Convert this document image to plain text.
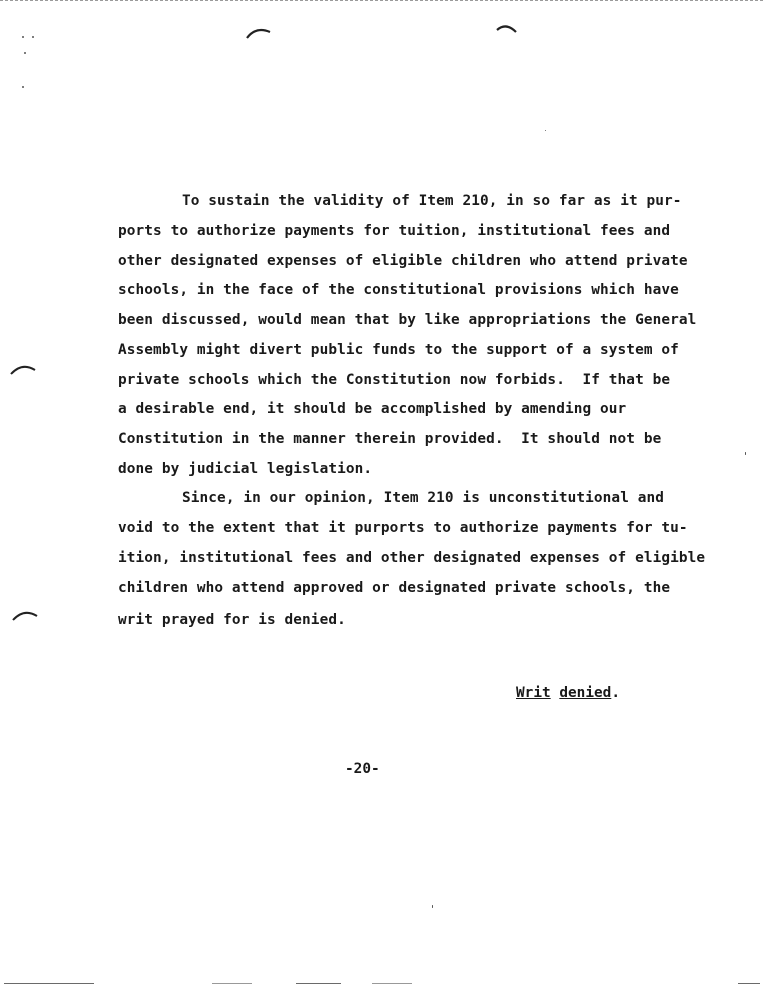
To sustain the validity of Item 210, in so far as it pur-
ports to authorize payments for tuition, institutional fees and
other designated expenses of eligible children who attend private
schools, in the face of the constitutional provisions which have
been discussed, would mean that by like appropriations the General
Assembly might divert public funds to the support of a system of
private schools which the Constitution now forbids.  If that be
a desirable end, it should be accomplished by amending our
Constitution in the manner therein provided.  It should not be
done by judicial legislation.
Since, in our opinion, Item 210 is unconstitutional and
void to the extent that it purports to authorize payments for tu-
ition, institutional fees and other designated expenses of eligible
children who attend approved or designated private schools, the
writ prayed for is denied.
Writ denied.
-20-
